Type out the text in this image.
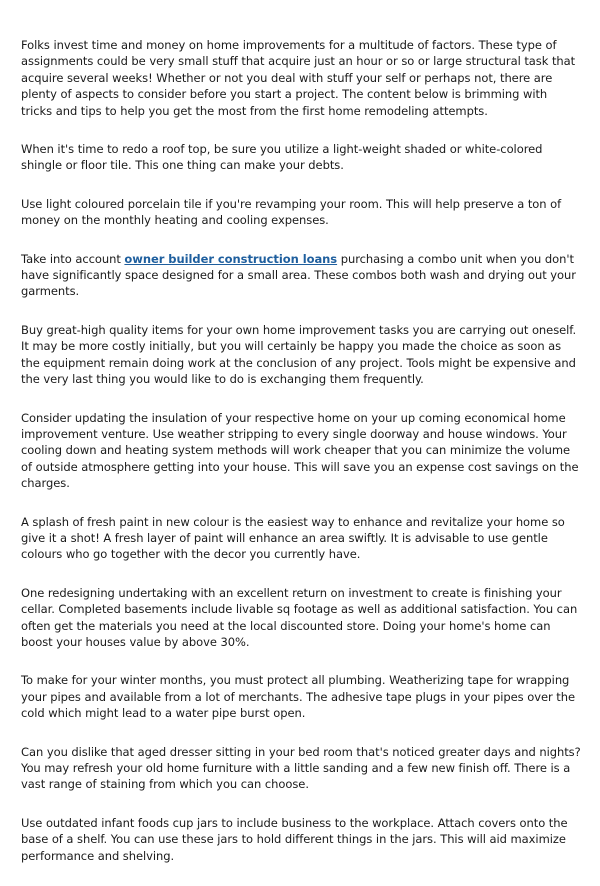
Folks invest time and money on home improvements for a multitude of factors. These type of assignments could be very small stuff that acquire just an hour or so or large structural task that acquire several weeks! Whether or not you deal with stuff your self or perhaps not, there are plenty of aspects to consider before you start a project. The content below is brimming with tricks and tips to help you get the most from the first home remodeling attempts.

When it's time to redo a roof top, be sure you utilize a light-weight shaded or white-colored shingle or floor tile. This one thing can make your debts.

Use light coloured porcelain tile if you're revamping your room. This will help preserve a ton of money on the monthly heating and cooling expenses.

Take into account owner builder construction loans purchasing a combo unit when you don't have significantly space designed for a small area. These combos both wash and drying out your garments.

Buy great-high quality items for your own home improvement tasks you are carrying out oneself. It may be more costly initially, but you will certainly be happy you made the choice as soon as the equipment remain doing work at the conclusion of any project. Tools might be expensive and the very last thing you would like to do is exchanging them frequently.

Consider updating the insulation of your respective home on your up coming economical home improvement venture. Use weather stripping to every single doorway and house windows. Your cooling down and heating system methods will work cheaper that you can minimize the volume of outside atmosphere getting into your house. This will save you an expense cost savings on the charges.

A splash of fresh paint in new colour is the easiest way to enhance and revitalize your home so give it a shot! A fresh layer of paint will enhance an area swiftly. It is advisable to use gentle colours who go together with the decor you currently have.

One redesigning undertaking with an excellent return on investment to create is finishing your cellar. Completed basements include livable sq footage as well as additional satisfaction. You can often get the materials you need at the local discounted store. Doing your home's home can boost your houses value by above 30%.

To make for your winter months, you must protect all plumbing. Weatherizing tape for wrapping your pipes and available from a lot of merchants. The adhesive tape plugs in your pipes over the cold which might lead to a water pipe burst open.

Can you dislike that aged dresser sitting in your bed room that's noticed greater days and nights? You may refresh your old home furniture with a little sanding and a few new finish off. There is a vast range of staining from which you can choose.

Use outdated infant foods cup jars to include business to the workplace. Attach covers onto the base of a shelf. You can use these jars to hold different things in the jars. This will aid maximize performance and shelving.
